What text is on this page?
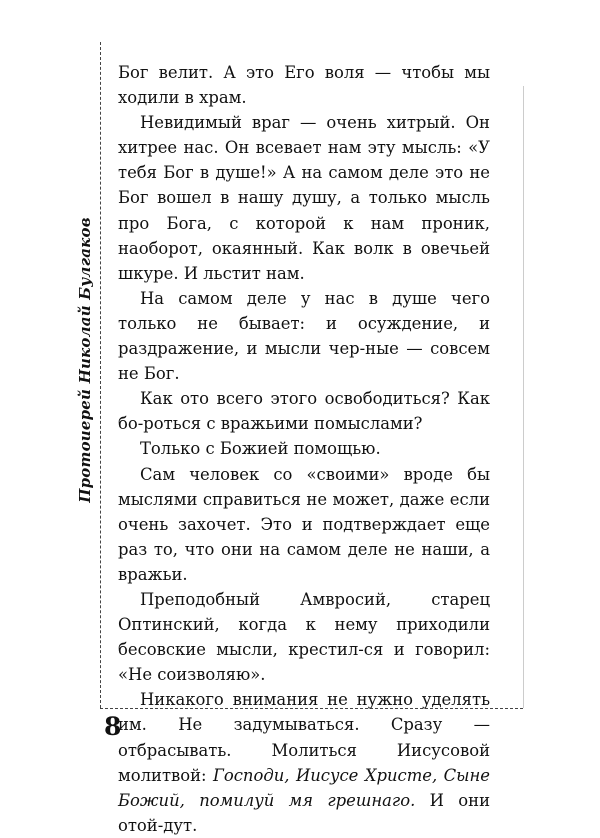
Протоиерей Николай Булгаков

Бог велит. А это Его воля — чтобы мы ходили в храм.

Невидимый враг — очень хитрый. Он хитрее нас. Он всевает нам эту мысль: «У тебя Бог в душе!» А на самом деле это не Бог вошел в нашу душу, а только мысль про Бога, с которой к нам проник, наоборот, окаянный. Как волк в овечьей шкуре. И льстит нам.

На самом деле у нас в душе чего только не бывает: и осуждение, и раздражение, и мысли чер-ные — совсем не Бог.

Как ото всего этого освободиться? Как бо-роться с вражьими помыслами?

Только с Божией помощью.

Сам человек со «своими» вроде бы мыслями справиться не может, даже если очень захочет. Это и подтверждает еще раз то, что они на самом деле не наши, а вражьи.

Преподобный Амвросий, старец Оптинский, когда к нему приходили бесовские мысли, крестил-ся и говорил: «Не соизволяю».

Никакого внимания не нужно уделять им. Не задумываться. Сразу — отбрасывать. Молиться Иисусовой молитвой: Господи, Иисусе Христе, Сыне Божий, помилуй мя грешнаго. И они отой-дут.

8
